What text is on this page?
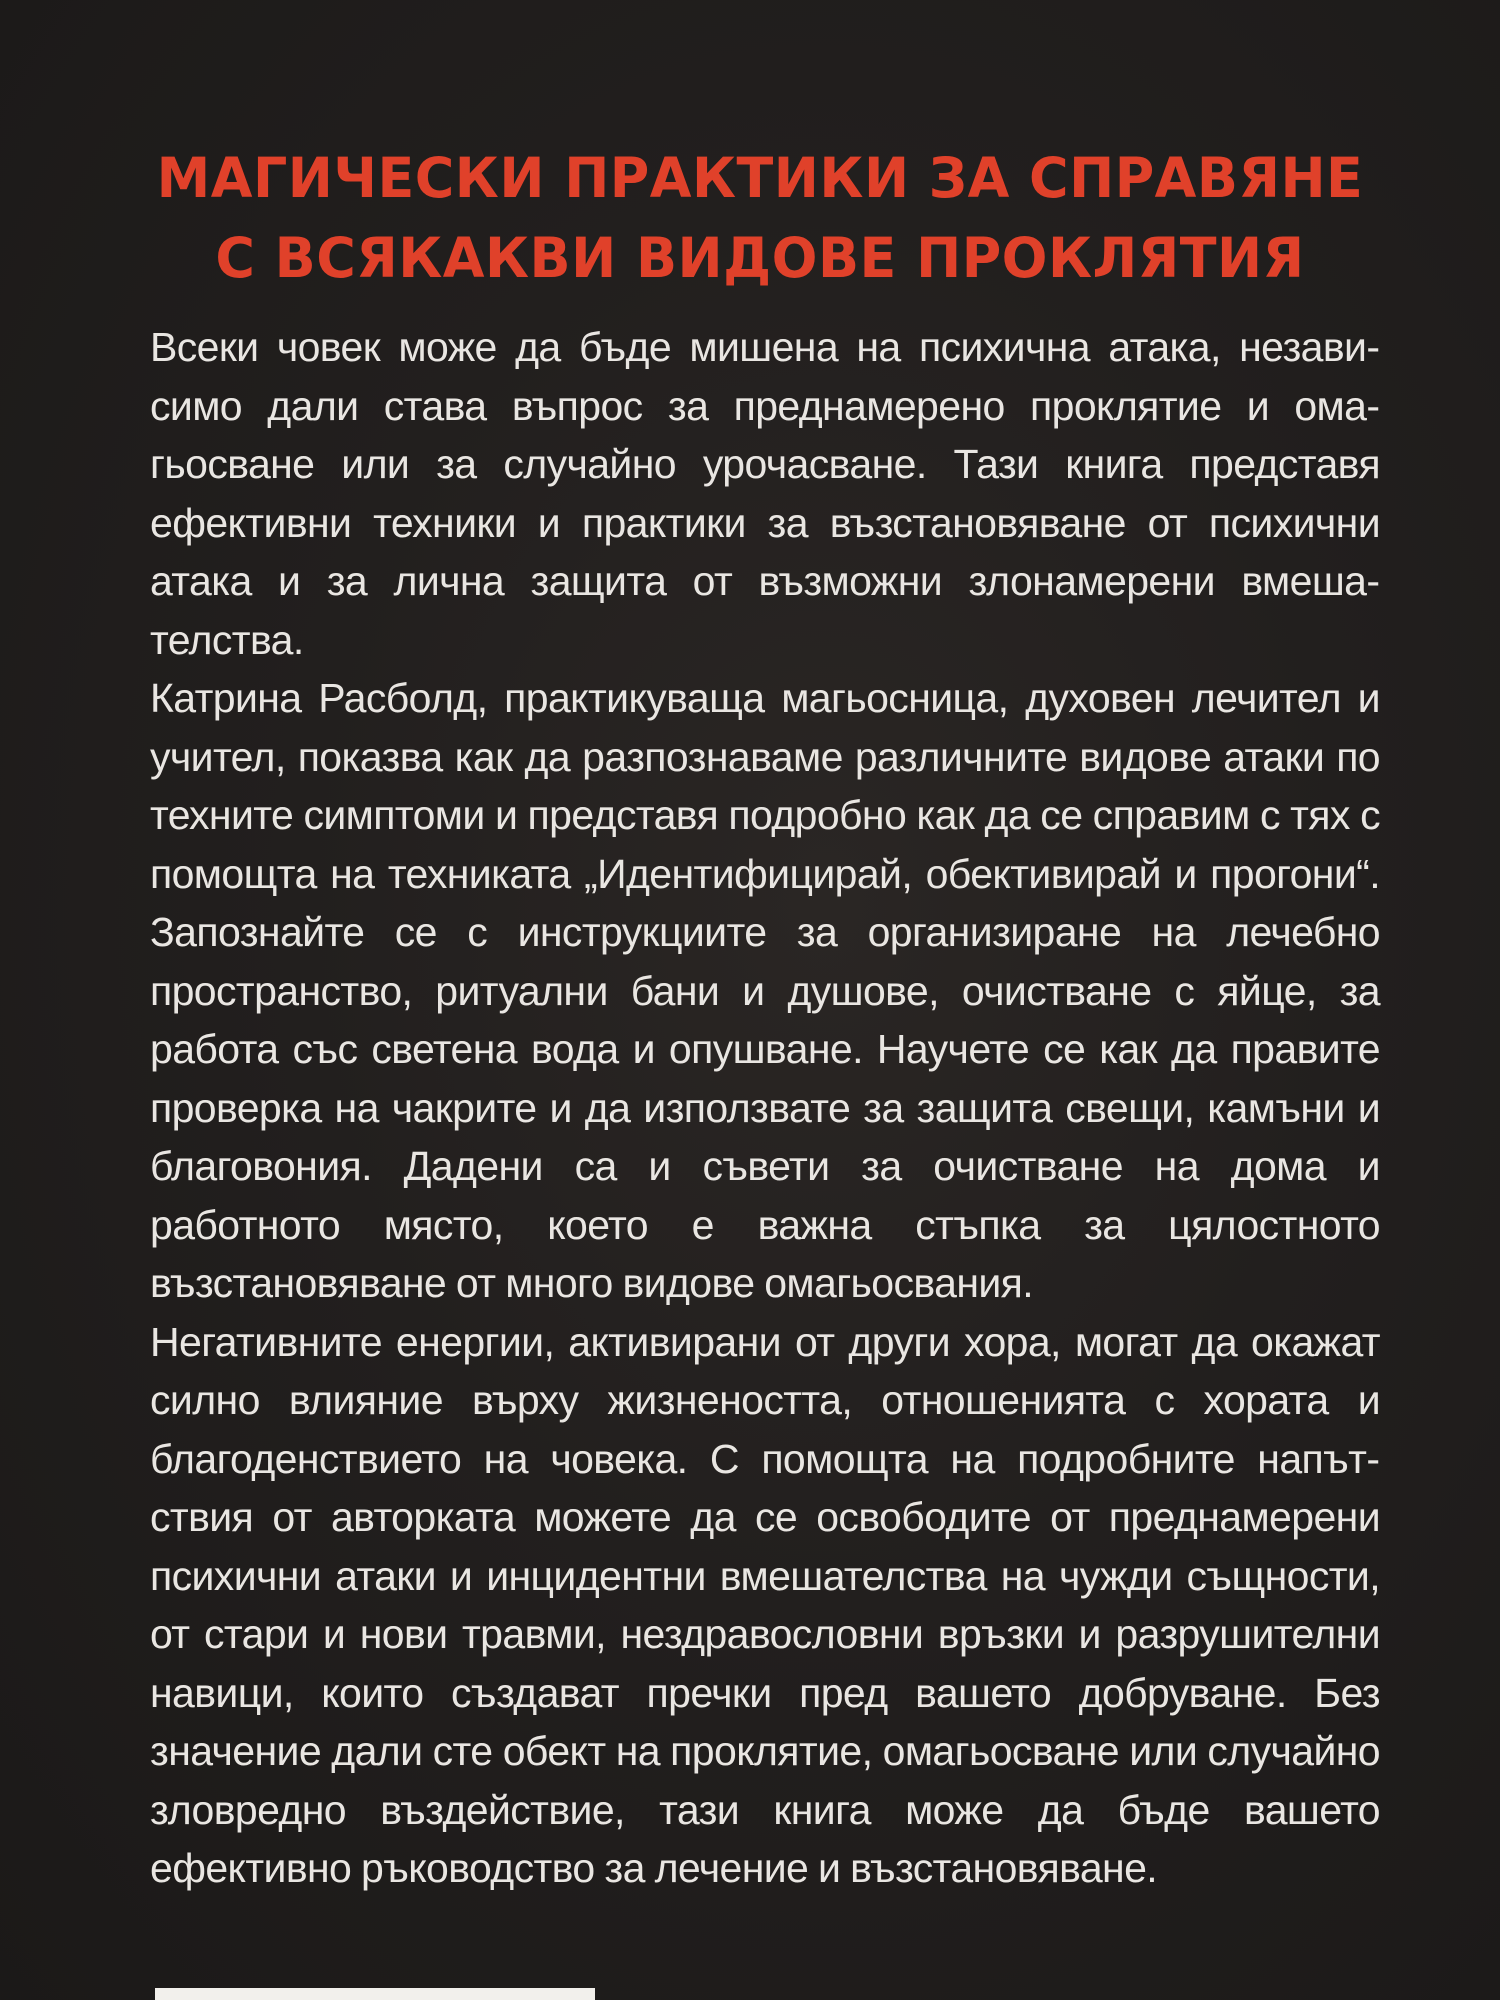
МАГИЧЕСКИ ПРАКТИКИ ЗА СПРАВЯНЕ
С ВСЯКАКВИ ВИДОВЕ ПРОКЛЯТИЯ

Всеки човек може да бъде мишена на психична атака, независимо дали става въпрос за преднамерено проклятие и омагьосване или за случайно урочасване. Тази книга представя ефективни техники и практики за възстановяване от психични атака и за лична защита от възможни злонамерени вмешателства.

Катрина Расболд, практикуваща магьосница, духовен лечител и учител, показва как да разпознаваме различните видове атаки по техните симптоми и представя подробно как да се справим с тях с помощта на техниката „Идентифицирай, обективирай и прогони“. Запознайте се с инструкциите за организиране на лечебно пространство, ритуални бани и душове, очистване с яйце, за работа със светена вода и опушване. Научете се как да правите проверка на чакрите и да използвате за защита свещи, камъни и благовония. Дадени са и съвети за очистване на дома и работното място, което е важна стъпка за цялостното възстановяване от много видове омагьосвания.

Негативните енергии, активирани от други хора, могат да окажат силно влияние върху жизнеността, отношенията с хората и благоденствието на човека. С помощта на подробните напътствия от авторката можете да се освободите от преднамерени психични атаки и инцидентни вмешателства на чужди същности, от стари и нови травми, нездравословни връзки и разрушителни навици, които създават пречки пред вашето добруване. Без значение дали сте обект на проклятие, омагьосване или случайно зловредно въздействие, тази книга може да бъде вашето ефективно ръководство за лечение и възстановяване.
